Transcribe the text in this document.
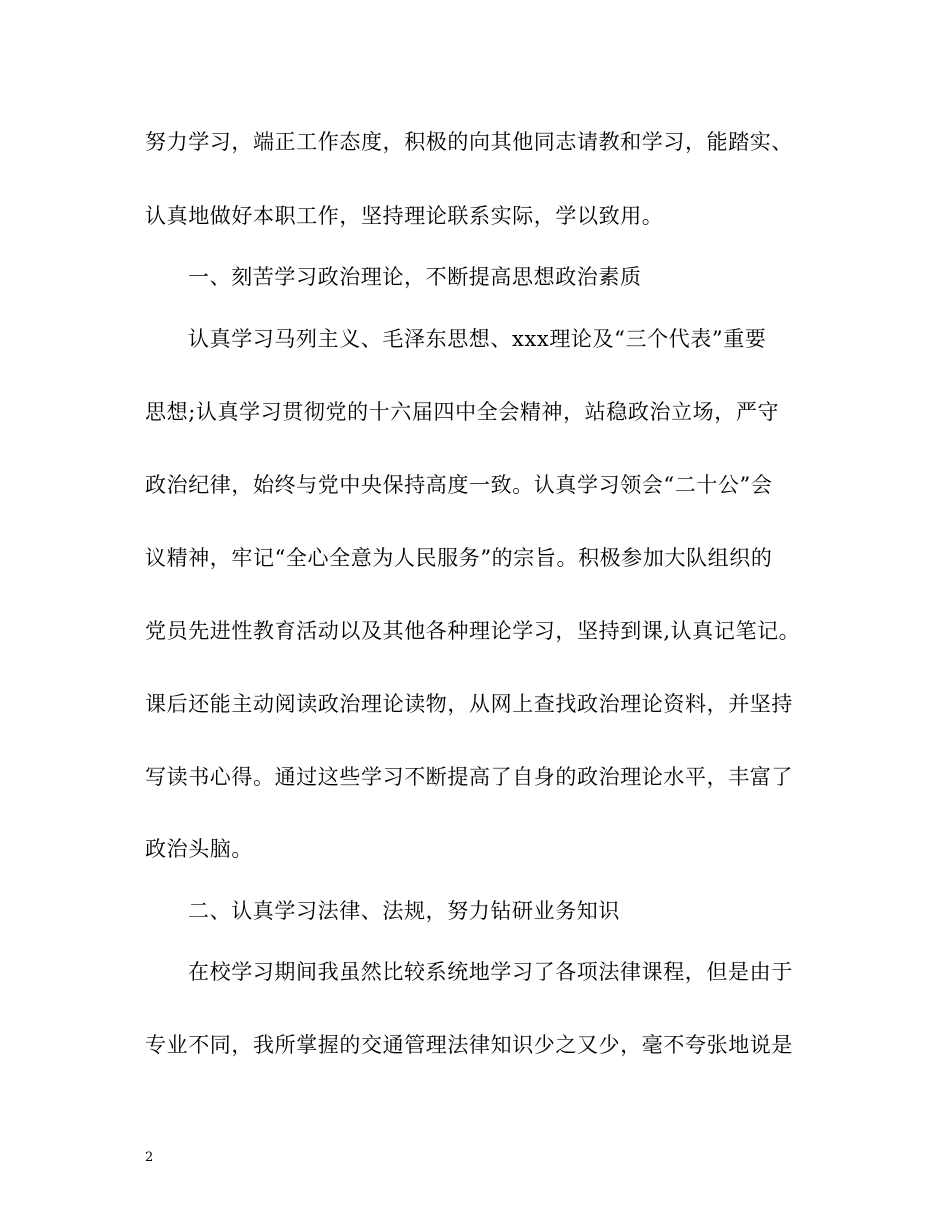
努力学习，端正工作态度，积极的向其他同志请教和学习，能踏实、
认真地做好本职工作，坚持理论联系实际，学以致用。
一、刻苦学习政治理论，不断提高思想政治素质
认真学习马列主义、毛泽东思想、xxx理论及“三个代表”重要
思想;认真学习贯彻党的十六届四中全会精神，站稳政治立场，严守
政治纪律，始终与党中央保持高度一致。认真学习领会“二十公”会
议精神，牢记“全心全意为人民服务”的宗旨。积极参加大队组织的
党员先进性教育活动以及其他各种理论学习，坚持到课,认真记笔记。
课后还能主动阅读政治理论读物，从网上查找政治理论资料，并坚持
写读书心得。通过这些学习不断提高了自身的政治理论水平，丰富了
政治头脑。
二、认真学习法律、法规，努力钻研业务知识
在校学习期间我虽然比较系统地学习了各项法律课程，但是由于
专业不同，我所掌握的交通管理法律知识少之又少，毫不夸张地说是
2
